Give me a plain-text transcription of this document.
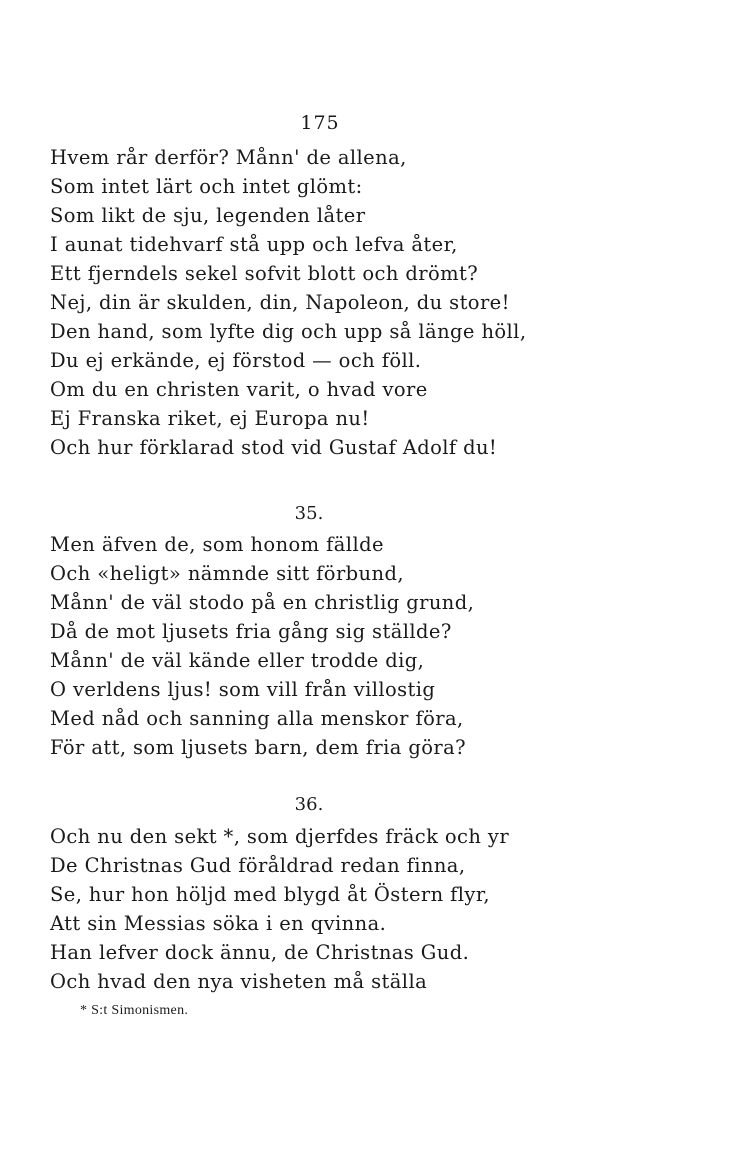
175
Hvem rår derför? Månn' de allena,
Som intet lärt och intet glömt:
Som likt de sju, legenden låter
I aunat tidehvarf stå upp och lefva åter,
Ett fjerndels sekel sofvit blott och drömt?
Nej, din är skulden, din, Napoleon, du store!
Den hand, som lyfte dig och upp så länge höll,
Du ej erkände, ej förstod — och föll.
Om du en christen varit, o hvad vore
Ej Franska riket, ej Europa nu!
Och hur förklarad stod vid Gustaf Adolf du!
35.
Men äfven de, som honom fällde
Och «heligt» nämnde sitt förbund,
Månn' de väl stodo på en christlig grund,
Då de mot ljusets fria gång sig ställde?
Månn' de väl kände eller trodde dig,
O verldens ljus! som vill från villostig
Med nåd och sanning alla menskor föra,
För att, som ljusets barn, dem fria göra?
36.
Och nu den sekt *, som djerfdes fräck och yr
De Christnas Gud föråldrad redan finna,
Se, hur hon höljd med blygd åt Östern flyr,
Att sin Messias söka i en qvinna.
Han lefver dock ännu, de Christnas Gud.
Och hvad den nya visheten må ställa
* S:t Simonismen.
